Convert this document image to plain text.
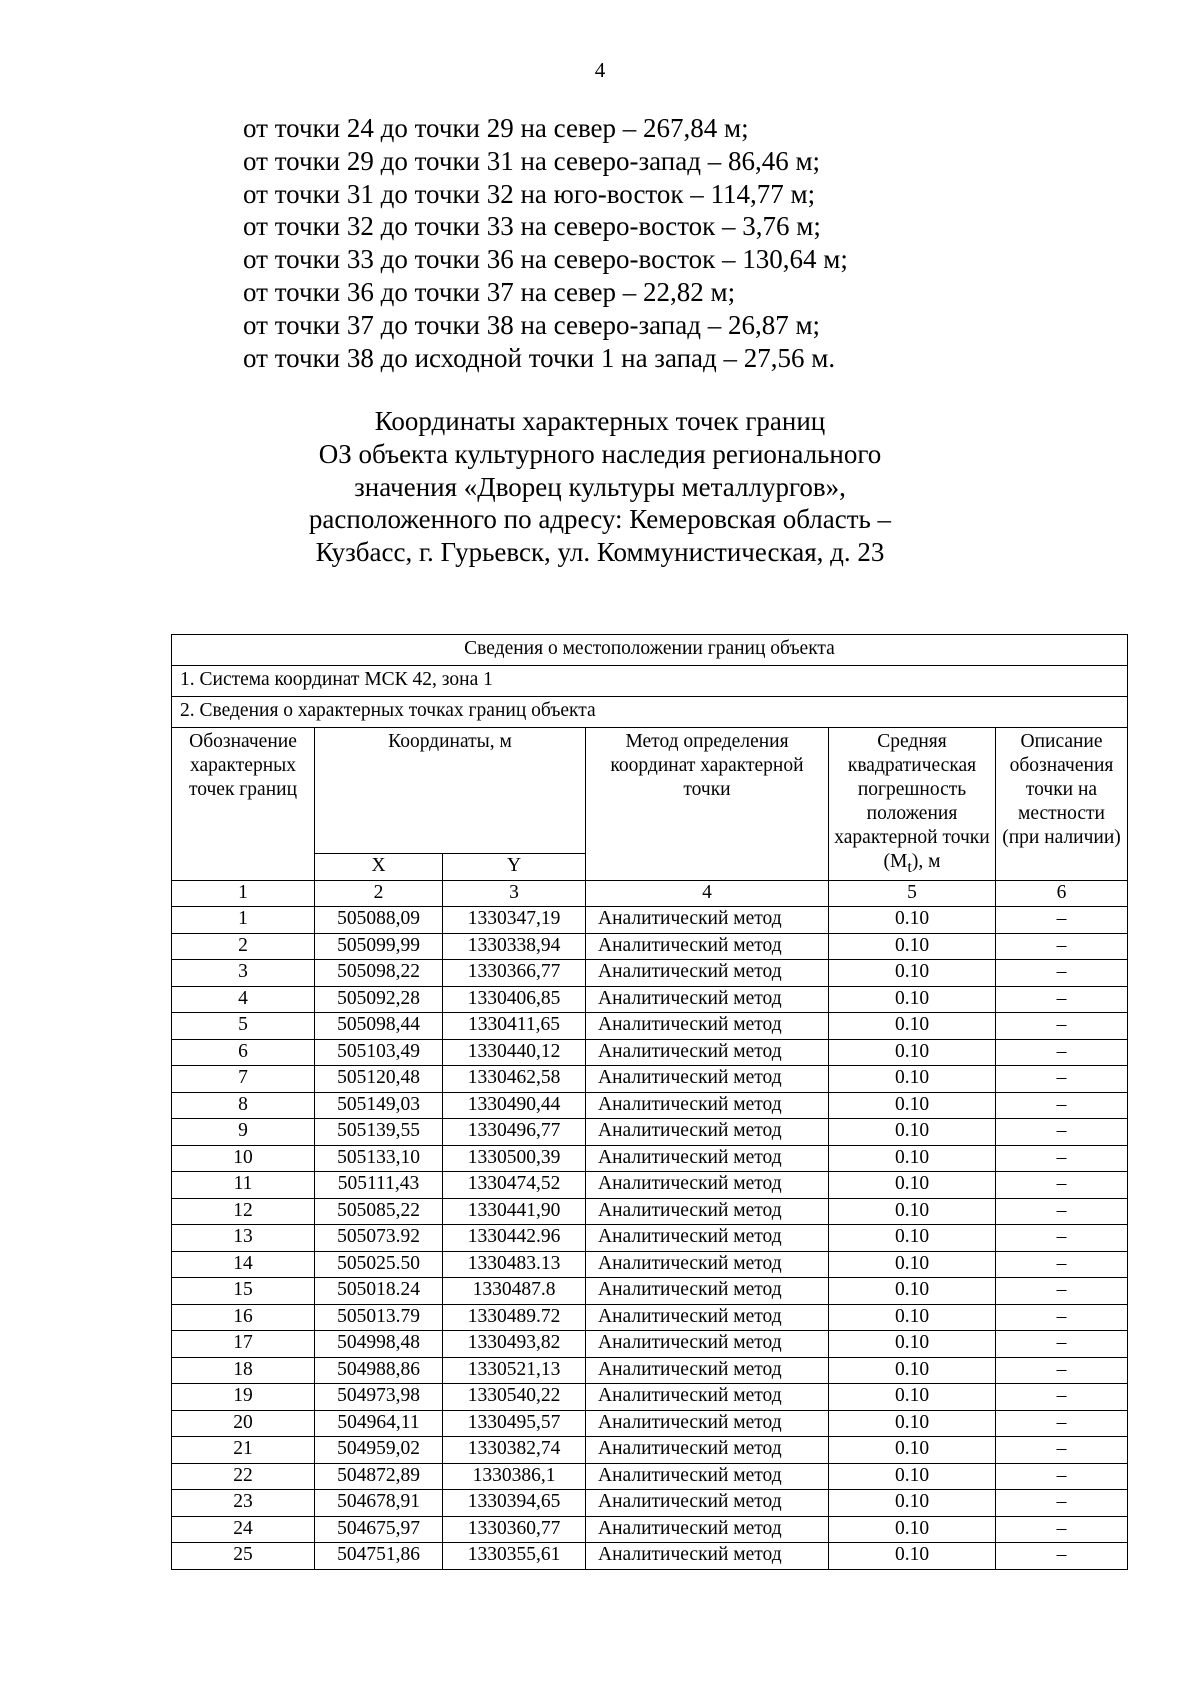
4
от точки 24 до точки 29 на север – 267,84 м;
от точки 29 до точки 31 на северо-запад – 86,46 м;
от точки 31 до точки 32 на юго-восток – 114,77 м;
от точки 32 до точки 33 на северо-восток – 3,76 м;
от точки 33 до точки 36 на северо-восток – 130,64 м;
от точки 36 до точки 37 на север – 22,82 м;
от точки 37 до точки 38 на северо-запад – 26,87 м;
от точки 38 до исходной точки 1 на запад – 27,56 м.
Координаты характерных точек границ
ОЗ объекта культурного наследия регионального
значения «Дворец культуры металлургов»,
расположенного по адресу: Кемеровская область –
Кузбасс, г. Гурьевск, ул. Коммунистическая, д. 23
Сведения о местоположении границ объекта					
1. Система координат МСК 42, зона 1					
2. Сведения о характерных точках границ объекта					
Обозначение характерных точек границ	Координаты, м		Метод определения координат характерной точки	Средняя квадратическая погрешность положения характерной точки $(M_t)$, м	Описание обозначения точки на местности (при наличии)
	X	Y			
1	2	3	4	5	6
1	505088,09	1330347,19	Аналитический метод	0.10	–
2	505099,99	1330338,94	Аналитический метод	0.10	–
3	505098,22	1330366,77	Аналитический метод	0.10	–
4	505092,28	1330406,85	Аналитический метод	0.10	–
5	505098,44	1330411,65	Аналитический метод	0.10	–
6	505103,49	1330440,12	Аналитический метод	0.10	–
7	505120,48	1330462,58	Аналитический метод	0.10	–
8	505149,03	1330490,44	Аналитический метод	0.10	–
9	505139,55	1330496,77	Аналитический метод	0.10	–
10	505133,10	1330500,39	Аналитический метод	0.10	–
11	505111,43	1330474,52	Аналитический метод	0.10	–
12	505085,22	1330441,90	Аналитический метод	0.10	–
13	505073.92	1330442.96	Аналитический метод	0.10	–
14	505025.50	1330483.13	Аналитический метод	0.10	–
15	505018.24	1330487.8	Аналитический метод	0.10	–
16	505013.79	1330489.72	Аналитический метод	0.10	–
17	504998,48	1330493,82	Аналитический метод	0.10	–
18	504988,86	1330521,13	Аналитический метод	0.10	–
19	504973,98	1330540,22	Аналитический метод	0.10	–
20	504964,11	1330495,57	Аналитический метод	0.10	–
21	504959,02	1330382,74	Аналитический метод	0.10	–
22	504872,89	1330386,1	Аналитический метод	0.10	–
23	504678,91	1330394,65	Аналитический метод	0.10	–
24	504675,97	1330360,77	Аналитический метод	0.10	–
25	504751,86	1330355,61	Аналитический метод	0.10	–
